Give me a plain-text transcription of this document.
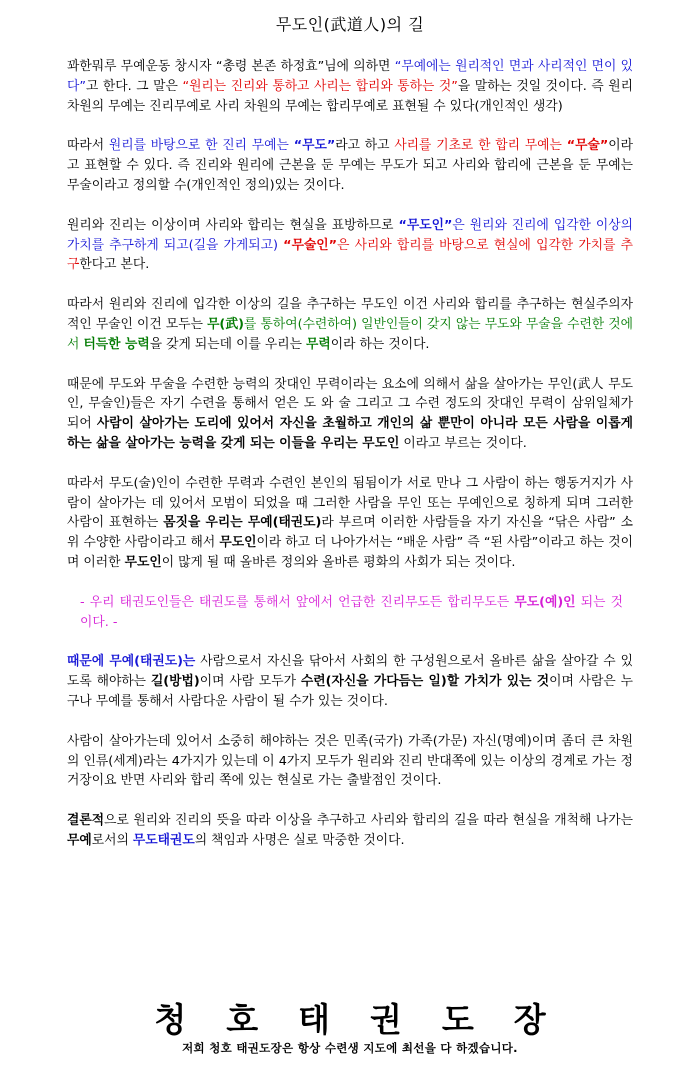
무도인(武道人)의 길

꽈한뭐루 무예운동 창시자 “총령 본존 하정효”님에 의하면 “무예에는 원리적인 면과 사리적인 면이 있다”고 한다. 그 말은 “원리는 진리와 통하고 사리는 합리와 통하는 것”을 말하는 것일 것이다. 즉 원리 차원의 무예는 진리무예로 사리 차원의 무예는 합리무예로 표현될 수 있다(개인적인 생각)

따라서 원리를 바탕으로 한 진리 무예는 “무도”라고 하고 사리를 기초로 한 합리 무예는 “무술”이라고 표현할 수 있다. 즉 진리와 원리에 근본을 둔 무예는 무도가 되고 사리와 합리에 근본을 둔 무예는 무술이라고 정의할 수(개인적인 정의)있는 것이다.

원리와 진리는 이상이며 사리와 합리는 현실을 표방하므로 “무도인”은 원리와 진리에 입각한 이상의 가치를 추구하게 되고(길을 가게되고) “무술인”은 사리와 합리를 바탕으로 현실에 입각한 가치를 추구한다고 본다.

따라서 원리와 진리에 입각한 이상의 길을 추구하는 무도인 이건 사리와 합리를 추구하는 현실주의자 적인 무술인 이건 모두는 무(武)를 통하여(수련하여) 일반인들이 갖지 않는 무도와 무술을 수련한 것에서 터득한 능력을 갖게 되는데 이를 우리는 무력이라 하는 것이다.

때문에 무도와 무술을 수련한 능력의 잣대인 무력이라는 요소에 의해서 삶을 살아가는 무인(武人 무도인, 무술인)들은 자기 수련을 통해서 얻은 도 와 술 그리고 그 수련 정도의 잣대인 무력이 삼위일체가 되어 사람이 살아가는 도리에 있어서 자신을 초월하고 개인의 삶 뿐만이 아니라 모든 사람을 이롭게 하는 삶을 살아가는 능력을 갖게 되는 이들을 우리는 무도인 이라고 부르는 것이다.

따라서 무도(술)인이 수련한 무력과 수련인 본인의 됨됨이가 서로 만나 그 사람이 하는 행동거지가 사람이 살아가는 데 있어서 모범이 되었을 때 그러한 사람을 무인 또는 무예인으로 칭하게 되며 그러한 사람이 표현하는 몸짓을 우리는 무예(태권도)라 부르며 이러한 사람들을 자기 자신을 “닦은 사람” 소위 수양한 사람이라고 해서 무도인이라 하고 더 나아가서는 “배운 사람” 즉 “된 사람”이라고 하는 것이며 이러한 무도인이 많게 될 때 올바른 정의와 올바른 평화의 사회가 되는 것이다.

- 우리 태권도인들은 태권도를 통해서 앞에서 언급한 진리무도든 합리무도든 무도(예)인 되는 것이다. -

때문에 무예(태권도)는 사람으로서 자신을 닦아서 사회의 한 구성원으로서 올바른 삶을 살아갈 수 있도록 해야하는 길(방법)이며 사람 모두가 수련(자신을 가다듬는 일)할 가치가 있는 것이며 사람은 누구나 무예를 통해서 사람다운 사람이 될 수가 있는 것이다.

사람이 살아가는데 있어서 소중히 해야하는 것은 민족(국가) 가족(가문) 자신(명예)이며 좀더 큰 차원의 인류(세계)라는 4가지가 있는데 이 4가지 모두가 원리와 진리 반대쪽에 있는 이상의 경계로 가는 정거장이요 반면 사리와 합리 쪽에 있는 현실로 가는 출발점인 것이다.

결론적으로 원리와 진리의 뜻을 따라 이상을 추구하고 사리와 합리의 길을 따라 현실을 개척해 나가는 무예로서의 무도태권도의 책임과 사명은 실로 막중한 것이다.

청호태권도장
저희 청호 태권도장은 항상 수련생 지도에 최선을 다 하겠습니다.
